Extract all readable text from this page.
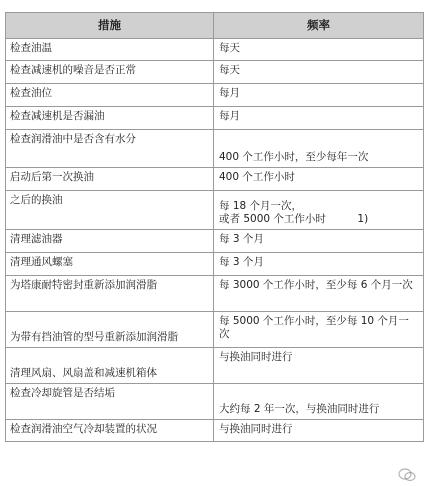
措施	频率
检查油温	每天
检查减速机的噪音是否正常	每天
检查油位	每月
检查减速机是否漏油	每月
检查润滑油中是否含有水分	400 个工作小时，至少每年一次
启动后第一次换油	400 个工作小时
之后的换油	每 18 个月一次，
或者 5000 个工作小时　　　1)
清理滤油器	每 3 个月
清理通风螺塞	每 3 个月
为塔康耐特密封重新添加润滑脂	每 3000 个工作小时，至少每 6 个月一次
为带有挡油管的型号重新添加润滑脂	每 5000 个工作小时，至少每 10 个月一次
清理风扇、风扇盖和减速机箱体	与换油同时进行
检查冷却旋管是否结垢	大约每 2 年一次，与换油同时进行
检查润滑油空气冷却装置的状况	与换油同时进行
